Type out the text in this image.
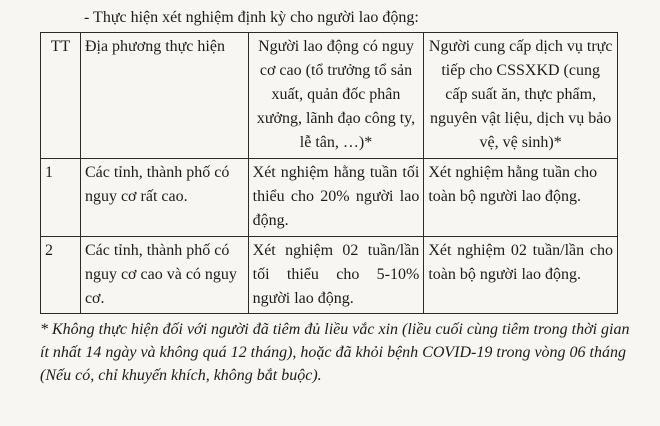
- Thực hiện xét nghiệm định kỳ cho người lao động:
TT	Địa phương thực hiện	Người lao động có nguy cơ cao (tổ trưởng tổ sản xuất, quản đốc phân xưởng, lãnh đạo công ty, lễ tân, …)*	Người cung cấp dịch vụ trực tiếp cho CSSXKD (cung cấp suất ăn, thực phẩm, nguyên vật liệu, dịch vụ bảo vệ, vệ sinh)*
1	Các tỉnh, thành phố có nguy cơ rất cao.	Xét nghiệm hằng tuần tối thiểu cho 20% người lao động.	Xét nghiệm hằng tuần cho toàn bộ người lao động.
2	Các tỉnh, thành phố có nguy cơ cao và có nguy cơ.	Xét nghiệm 02 tuần/lần tối thiểu cho 5-10% người lao động.	Xét nghiệm 02 tuần/lần cho toàn bộ người lao động.
* Không thực hiện đối với người đã tiêm đủ liều vắc xin (liều cuối cùng tiêm trong thời gian ít nhất 14 ngày và không quá 12 tháng), hoặc đã khỏi bệnh COVID-19 trong vòng 06 tháng (Nếu có, chỉ khuyến khích, không bắt buộc).
